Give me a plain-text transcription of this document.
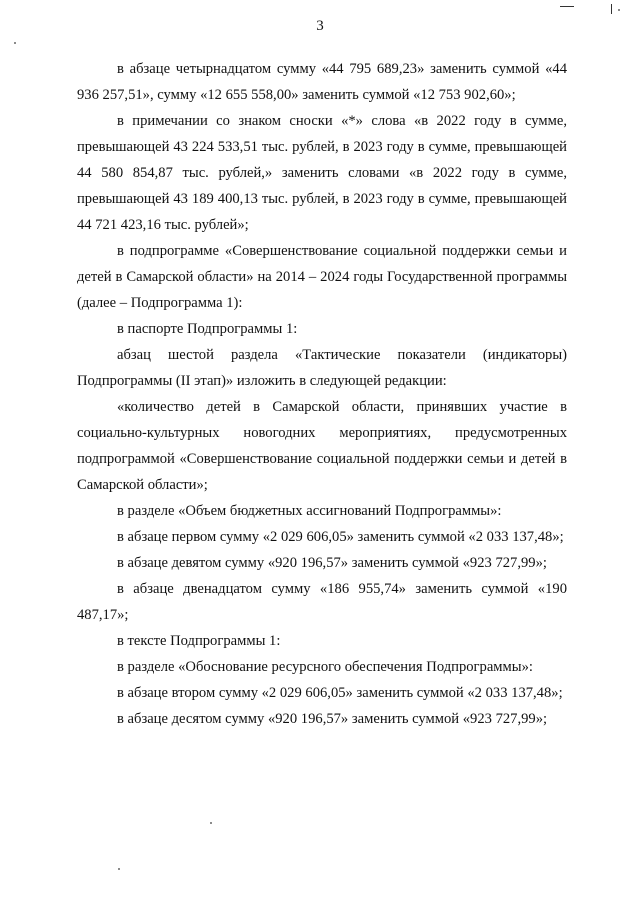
3

в абзаце четырнадцатом сумму «44 795 689,23» заменить суммой «44 936 257,51», сумму «12 655 558,00» заменить суммой «12 753 902,60»;

в примечании со знаком сноски «*» слова «в 2022 году в сумме, превышающей 43 224 533,51 тыс. рублей, в 2023 году в сумме, превышающей 44 580 854,87 тыс. рублей,» заменить словами «в 2022 году в сумме, превышающей 43 189 400,13 тыс. рублей, в 2023 году в сумме, превышающей 44 721 423,16 тыс. рублей»;

в подпрограмме «Совершенствование социальной поддержки семьи и детей в Самарской области» на 2014 – 2024 годы Государственной программы (далее – Подпрограмма 1):

в паспорте Подпрограммы 1:

абзац шестой раздела «Тактические показатели (индикаторы) Подпрограммы (II этап)» изложить в следующей редакции:

«количество детей в Самарской области, принявших участие в социально-культурных новогодних мероприятиях, предусмотренных подпрограммой «Совершенствование социальной поддержки семьи и детей в Самарской области»;

в разделе «Объем бюджетных ассигнований Подпрограммы»:

в абзаце первом сумму «2 029 606,05» заменить суммой «2 033 137,48»;

в абзаце девятом сумму «920 196,57» заменить суммой «923 727,99»;

в абзаце двенадцатом сумму «186 955,74» заменить суммой «190 487,17»;

в тексте Подпрограммы 1:

в разделе «Обоснование ресурсного обеспечения Подпрограммы»:

в абзаце втором сумму «2 029 606,05» заменить суммой «2 033 137,48»;

в абзаце десятом сумму «920 196,57» заменить суммой «923 727,99»;
